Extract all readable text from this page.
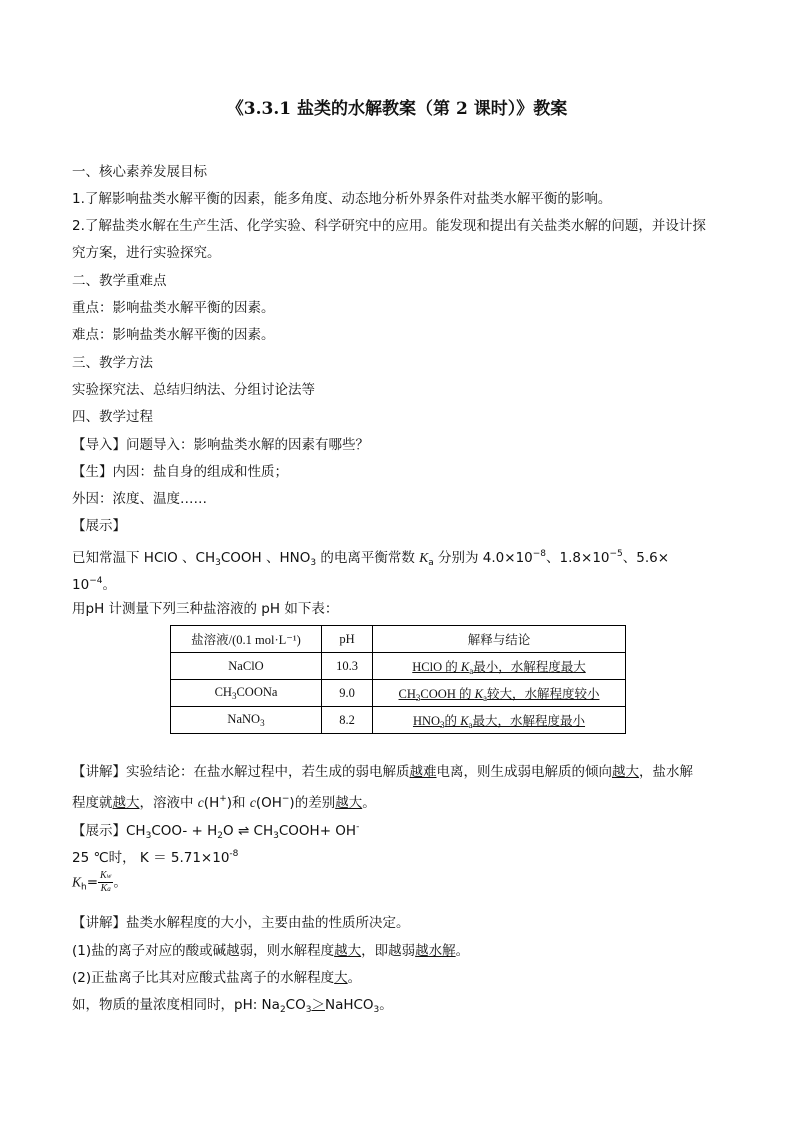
《3.3.1 盐类的水解教案（第 2 课时）》教案
一、核心素养发展目标
1.了解影响盐类水解平衡的因素，能多角度、动态地分析外界条件对盐类水解平衡的影响。
2.了解盐类水解在生产生活、化学实验、科学研究中的应用。能发现和提出有关盐类水解的问题，并设计探
究方案，进行实验探究。
二、教学重难点
重点：影响盐类水解平衡的因素。
难点：影响盐类水解平衡的因素。
三、教学方法
实验探究法、总结归纳法、分组讨论法等
四、教学过程
【导入】问题导入：影响盐类水解的因素有哪些？
【生】内因：盐自身的组成和性质；
外因：浓度、温度……
【展示】
已知常温下 HClO 、$CH_3COOH$ 、$HNO_3$ 的电离平衡常数 $K_a$ 分别为 $4.0\times 10^{-8}$、$1.8\times 10^{-5}$、5.6×
$10^{-4}$。
用pH 计测量下列三种盐溶液的 pH 如下表：
盐溶液/(0.1 mol·L⁻¹)	pH	解释与结论
NaClO	10.3	HClO 的 $K_a$最小，水解程度最大
$CH_3COONa$	9.0	$CH_3COOH$ 的 $K_a$较大，水解程度较小
NaNO$_3$	8.2	$HNO_3$的 $K_a$最大，水解程度最小
【讲解】实验结论：在盐水解过程中，若生成的弱电解质越难电离，则生成弱电解质的倾向越大，盐水解
程度就越大，溶液中 c(H+)和 c(OH−)的差别越大。
【展示】$CH_3COO- + H_2O$ ⇌ $CH_3COOH+ OH^-$
25 ℃时， $K = 5.71\times 10^{-8}$
$K_h= \frac{Kw}{Ka}$ 。
【讲解】盐类水解程度的大小，主要由盐的性质所决定。
(1)盐的离子对应的酸或碱越弱，则水解程度越大，即越弱越水解。
(2)正盐离子比其对应酸式盐离子的水解程度大。
如，物质的量浓度相同时，pH: $Na_2CO_3>NaHCO_3$。
